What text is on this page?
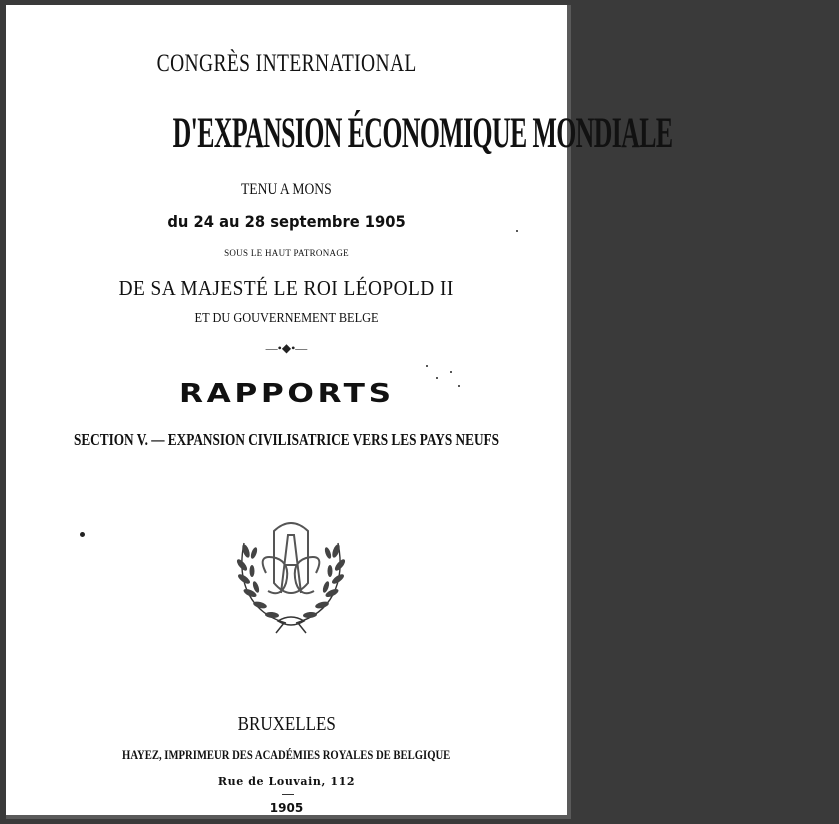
CONGRÈS INTERNATIONAL
D'EXPANSION ÉCONOMIQUE MONDIALE
TENU A MONS
du 24 au 28 septembre 1905
SOUS LE HAUT PATRONAGE
DE SA MAJESTÉ LE ROI LÉOPOLD II
ET DU GOUVERNEMENT BELGE
—•◆•—
RAPPORTS
SECTION V. — EXPANSION CIVILISATRICE VERS LES PAYS NEUFS
BRUXELLES
HAYEZ, IMPRIMEUR DES ACADÉMIES ROYALES DE BELGIQUE
Rue de Louvain, 112
1905
